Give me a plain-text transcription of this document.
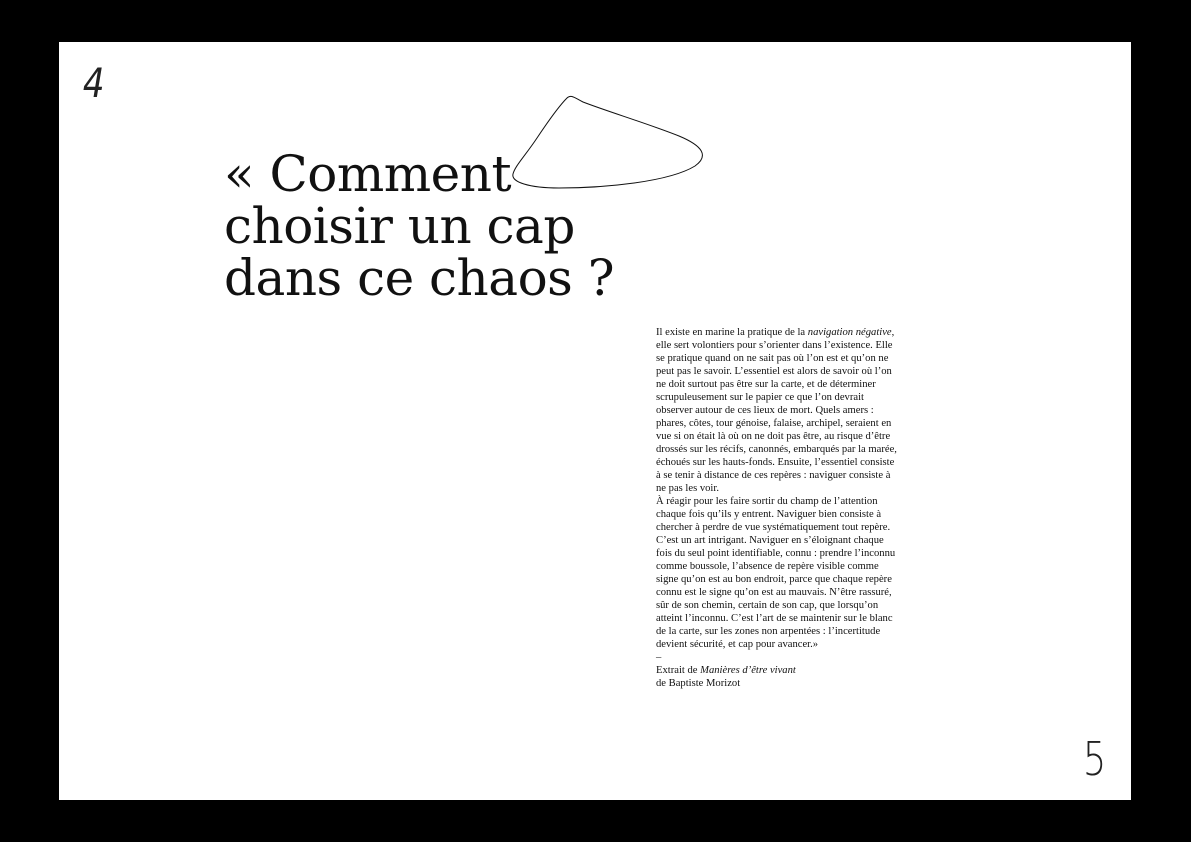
4
« Comment
choisir un cap
dans ce chaos ?

Il existe en marine la pratique de la navigation négative, elle sert volontiers pour s’orienter dans l’existence. Elle se pratique quand on ne sait pas où l’on est et qu’on ne peut pas le savoir. L’essentiel est alors de savoir où l’on ne doit surtout pas être sur la carte, et de déterminer scrupuleusement sur le papier ce que l’on devrait observer autour de ces lieux de mort. Quels amers : phares, côtes, tour génoise, falaise, archipel, seraient en vue si on était là où on ne doit pas être, au risque d’être drossés sur les récifs, canonnés, embarqués par la marée, échoués sur les hauts-fonds. Ensuite, l’essentiel consiste à se tenir à distance de ces repères : naviguer consiste à ne pas les voir.

À réagir pour les faire sortir du champ de l’attention chaque fois qu’ils y entrent. Naviguer bien consiste à chercher à perdre de vue systématiquement tout repère. C’est un art intrigant. Naviguer en s’éloignant chaque fois du seul point identifiable, connu : prendre l’inconnu comme boussole, l’absence de repère visible comme signe qu’on est au bon endroit, parce que chaque repère connu est le signe qu’on est au mauvais. N’être rassuré, sûr de son chemin, certain de son cap, que lorsqu’on atteint l’inconnu. C’est l’art de se maintenir sur le blanc de la carte, sur les zones non arpentées : l’incertitude devient sécurité, et cap pour avancer.»

–

Extrait de Manières d’être vivant

de Baptiste Morizot

5
